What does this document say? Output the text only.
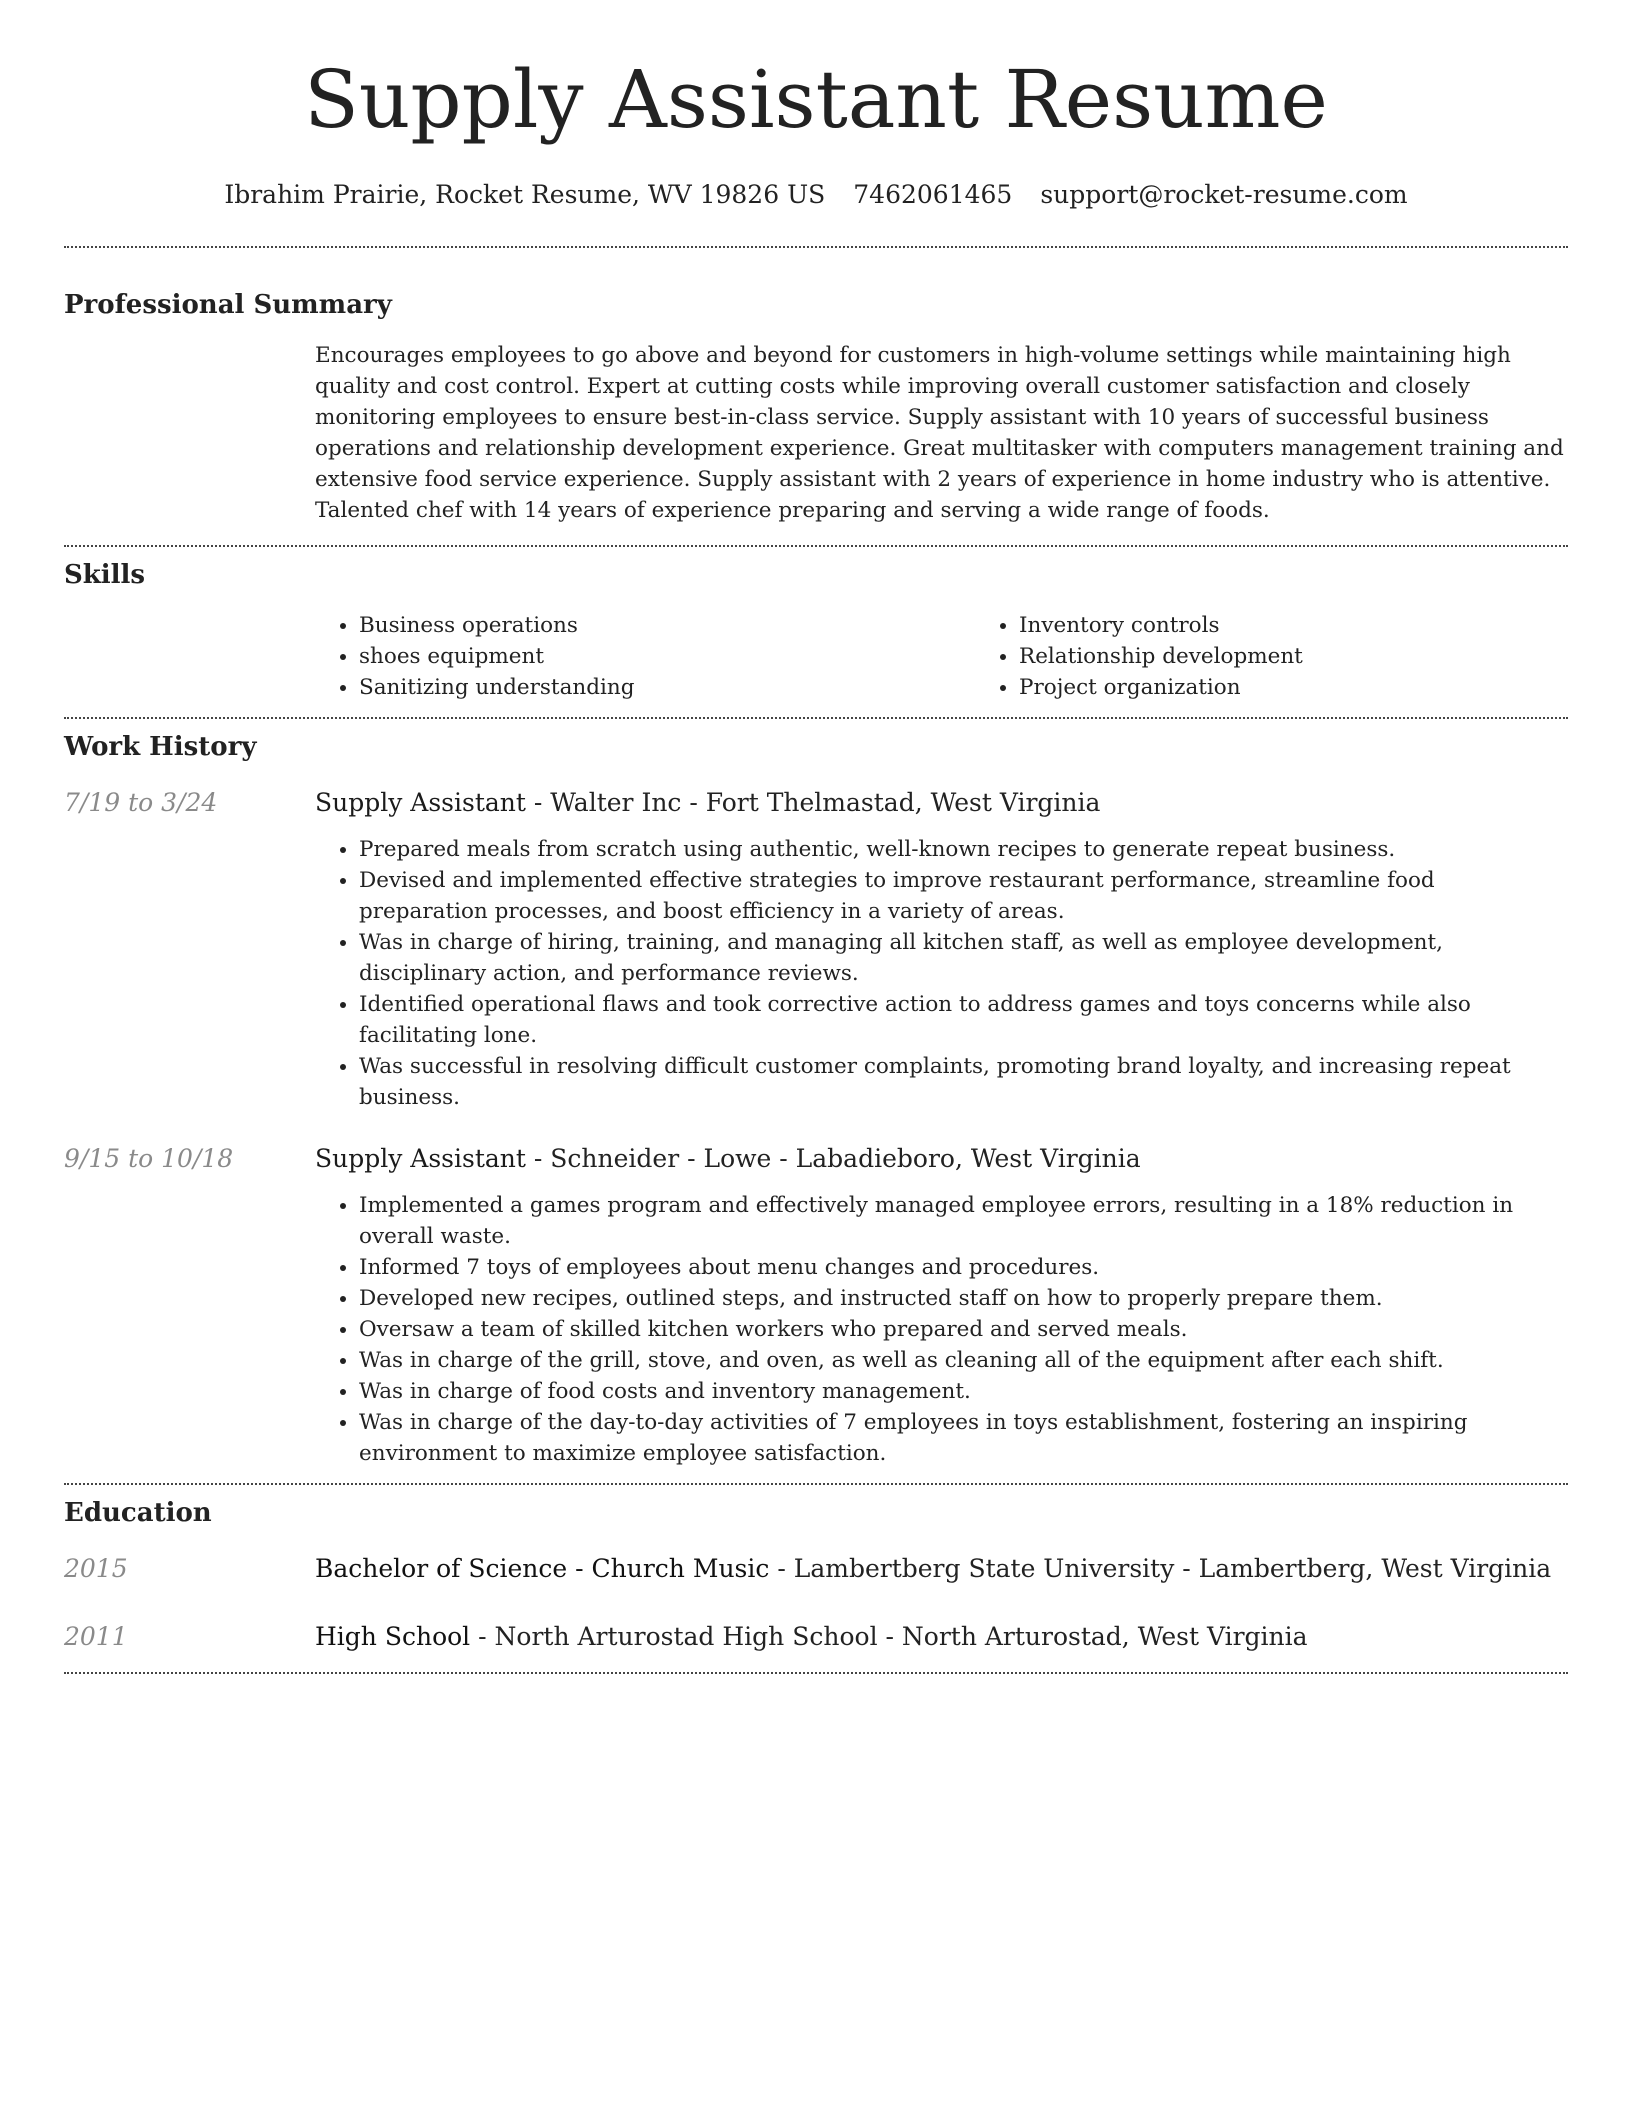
Supply Assistant Resume
Ibrahim Prairie, Rocket Resume, WV 19826 US 7462061465 support@rocket-resume.com
Professional Summary

Encourages employees to go above and beyond for customers in high-volume settings while maintaining high quality and cost control. Expert at cutting costs while improving overall customer satisfaction and closely monitoring employees to ensure best-in-class service. Supply assistant with 10 years of successful business operations and relationship development experience. Great multitasker with computers management training and extensive food service experience. Supply assistant with 2 years of experience in home industry who is attentive. Talented chef with 14 years of experience preparing and serving a wide range of foods.

Skills
• Business operations
• shoes equipment
• Sanitizing understanding
• Inventory controls
• Relationship development
• Project organization
Work History
7/19 to 3/24	Supply Assistant - Walter Inc - Fort Thelmastad, West Virginia
• Prepared meals from scratch using authentic, well-known recipes to generate repeat business.
• Devised and implemented effective strategies to improve restaurant performance, streamline food preparation processes, and boost efficiency in a variety of areas.
• Was in charge of hiring, training, and managing all kitchen staff, as well as employee development, disciplinary action, and performance reviews.
• Identified operational flaws and took corrective action to address games and toys concerns while also facilitating lone.
• Was successful in resolving difficult customer complaints, promoting brand loyalty, and increasing repeat business.
9/15 to 10/18	Supply Assistant - Schneider - Lowe - Labadieboro, West Virginia
• Implemented a games program and effectively managed employee errors, resulting in a 18% reduction in overall waste.
• Informed 7 toys of employees about menu changes and procedures.
• Developed new recipes, outlined steps, and instructed staff on how to properly prepare them.
• Oversaw a team of skilled kitchen workers who prepared and served meals.
• Was in charge of the grill, stove, and oven, as well as cleaning all of the equipment after each shift.
• Was in charge of food costs and inventory management.
• Was in charge of the day-to-day activities of 7 employees in toys establishment, fostering an inspiring environment to maximize employee satisfaction.
Education
2015	Bachelor of Science - Church Music - Lambertberg State University - Lambertberg, West Virginia
2011	High School - North Arturostad High School - North Arturostad, West Virginia
